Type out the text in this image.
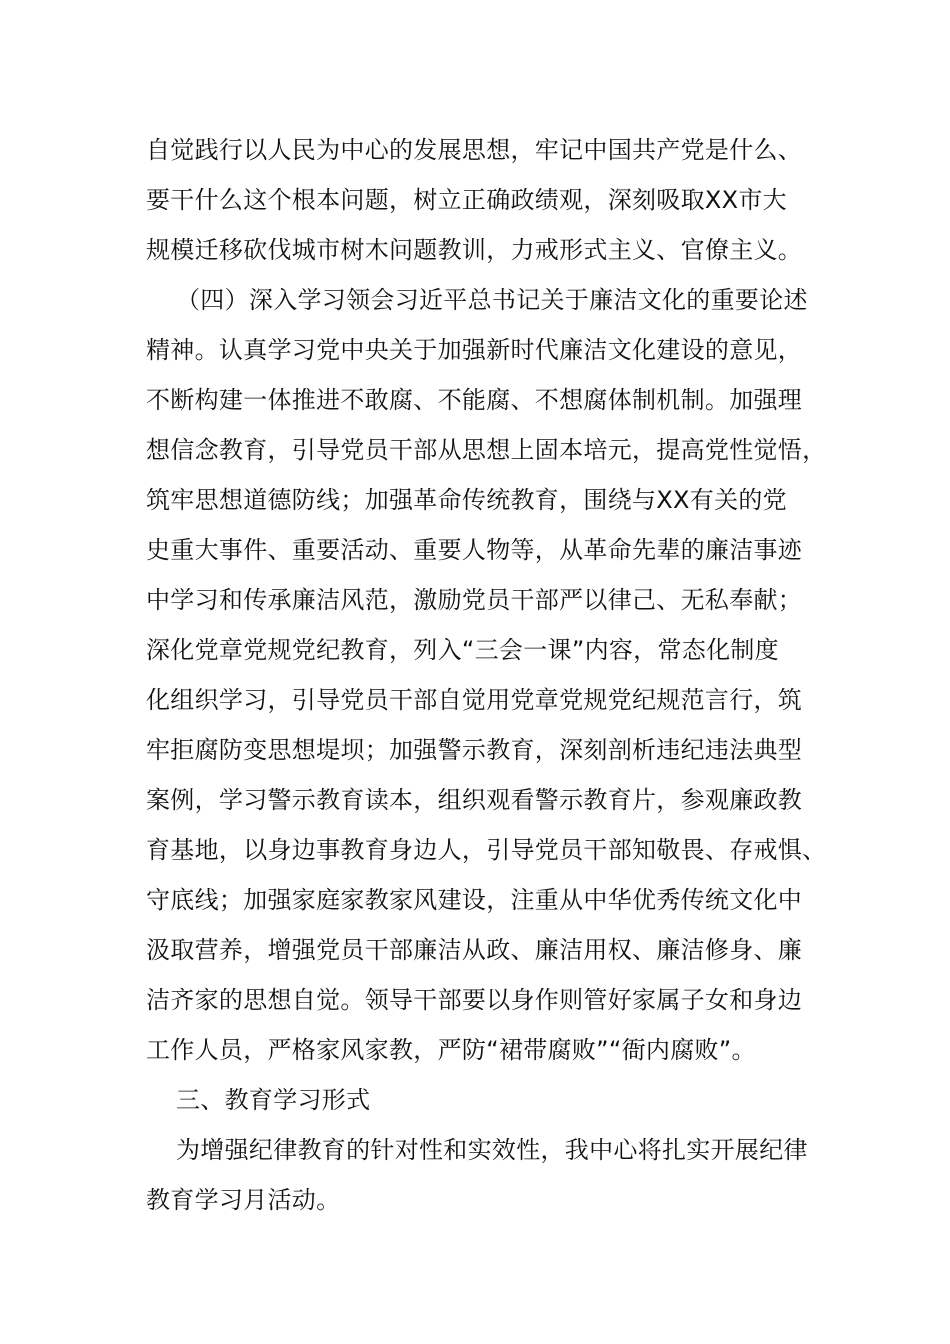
自觉践行以人民为中心的发展思想，牢记中国共产党是什么、
要干什么这个根本问题，树立正确政绩观，深刻吸取XX市大
规模迁移砍伐城市树木问题教训，力戒形式主义、官僚主义。
（四）深入学习领会习近平总书记关于廉洁文化的重要论述
精神。认真学习党中央关于加强新时代廉洁文化建设的意见，
不断构建一体推进不敢腐、不能腐、不想腐体制机制。加强理
想信念教育，引导党员干部从思想上固本培元，提高党性觉悟，
筑牢思想道德防线；加强革命传统教育，围绕与XX有关的党
史重大事件、重要活动、重要人物等，从革命先辈的廉洁事迹
中学习和传承廉洁风范，激励党员干部严以律己、无私奉献；
深化党章党规党纪教育，列入“三会一课”内容，常态化制度
化组织学习，引导党员干部自觉用党章党规党纪规范言行，筑
牢拒腐防变思想堤坝；加强警示教育，深刻剖析违纪违法典型
案例，学习警示教育读本，组织观看警示教育片，参观廉政教
育基地，以身边事教育身边人，引导党员干部知敬畏、存戒惧、
守底线；加强家庭家教家风建设，注重从中华优秀传统文化中
汲取营养，增强党员干部廉洁从政、廉洁用权、廉洁修身、廉
洁齐家的思想自觉。领导干部要以身作则管好家属子女和身边
工作人员，严格家风家教，严防“裙带腐败”“衙内腐败”。
三、教育学习形式
为增强纪律教育的针对性和实效性，我中心将扎实开展纪律
教育学习月活动。
